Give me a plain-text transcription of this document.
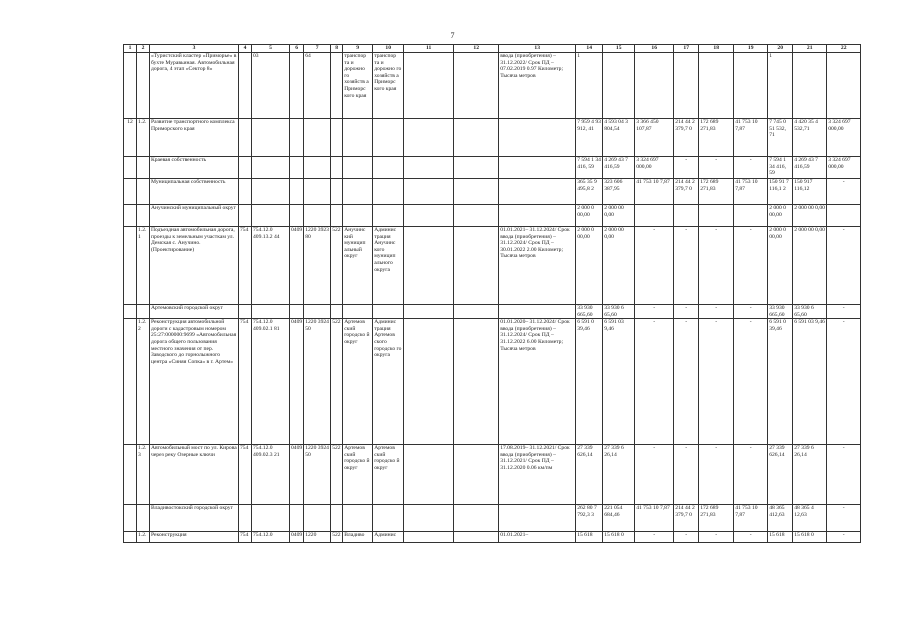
7
1	2	3	4	5	6	7	8	9	10	11	12	13	14	15	16	17	18	19	20	21	22
		«Туристский кластер «Приморье» в бухте Муравьиная. Автомобильная дорога, 4 этап «Сектор 8»		03		64		транспор та и дорожно го хозяйств а Приморс кого края	транспор та и дорожно го хозяйств а Приморс кого края			ввода (приобретения) – 31.12.2022/ Срок ПД – 07.02.2019 0.97 Километр; Тысяча метров	1						1		
12	1.2.	Развитие транспортного комплекса Приморского края											7 959 4 93 912, 41	4 593 04 3 804,54	3 366 450 107,87	214 44 2 379,7 0	172 689 271,83	41 753 10 7,87	7 745 0 51 532, 71	4 420 35 4 532,71	3 324 697 000,00
		Краевая собственность											7 594 1 34 416, 59	4 269 43 7 416,59	3 324 697 000,00	-	-	-	7 594 1 34 416, 59	4 269 43 7 416,59	3 324 697 000,00
		Муниципальная собственность											365 35 9 495,8 2	323 606 387,95	41 753 10 7,87	214 44 2 379,7 0	172 689 271,83	41 753 10 7,87	150 91 7 116,1 2	150 917 116,12	-
		Анучинский муниципальный округ											2 000 0 00,00	2 000 00 0,00					2 000 0 00,00	2 000 00 0,00	
	1.2. 1	Подъездная автомобильная дорога, проезды к земельным участкам ул. Демская с. Анучино. (Проектирование)	754	754.12.0 409.13.2 44	0409	1220 3923 80	522	Анучинс кий муницип альный округ	Админис трация Анучинс кого муницип ального округа			01.01.2021– 31.12.2024/ Срок ввода (приобретения) – 31.12.2024/ Срок ПД – 30.01.2022 2.00 Километр; Тысяча метров	2 000 0 00,00	2 000 00 0,00	-	-	-	-	2 000 0 00,00	2 000 00 0,00	-
		Артемовский городской округ											33 930 665,60	33 930 6 65,60	-	-	-	-	33 930 665,60	33 930 6 65,60	-
	1.2. 2	Реконструкция автомобильной дороги с кадастровым номером 25:27:000000:9699 «Автомобильная дорога общего пользования местного значения от пер. Заводского до горнолыжного центра «Синяя Сопка» в г. Артем»	754	754.12.0 409.02.1 81	0409	1220 3924 50	522	Артемов ский городско й округ	Админис трация Артемов ского городско го округа			01.01.2020– 31.12.2024/ Срок ввода (приобретения) – 31.12.2024/ Срок ПД – 31.12.2022 6.00 Километр; Тысяча метров	6 591 0 39,46	6 591 03 9,46	-	-	-	-	6 591 0 39,46	6 591 03 9,46	-
	1.2. 3	Автомобильный мост по ул. Кирова через реку Озерные ключи	754	754.12.0 409.02.3 21	0409	1220 3924 50	522	Артемов ский городско й округ	Артемов ский городско й округ			17.08.2019– 31.12.2021/ Срок ввода (приобретения) – 31.12.2021/ Срок ПД – 31.12.2020 0.06 км/пм	27 339 626,14	27 339 6 26,14	-	-	-	-	27 339 626,14	27 339 6 26,14	-
		Владивостокский городской округ											262 80 7 792,3 3	221 054 684,46	41 753 10 7,87	214 44 2 379,7 0	172 689 271,83	41 753 10 7,87	48 365 412,63	48 365 4 12,63	-
	1.2.	Реконструкция	754	754.12.0	0409	1220	522	Владиво	Админис			01.01.2021–	15 618	15 618 0	-	-	-	-	15 618	15 618 0	-
